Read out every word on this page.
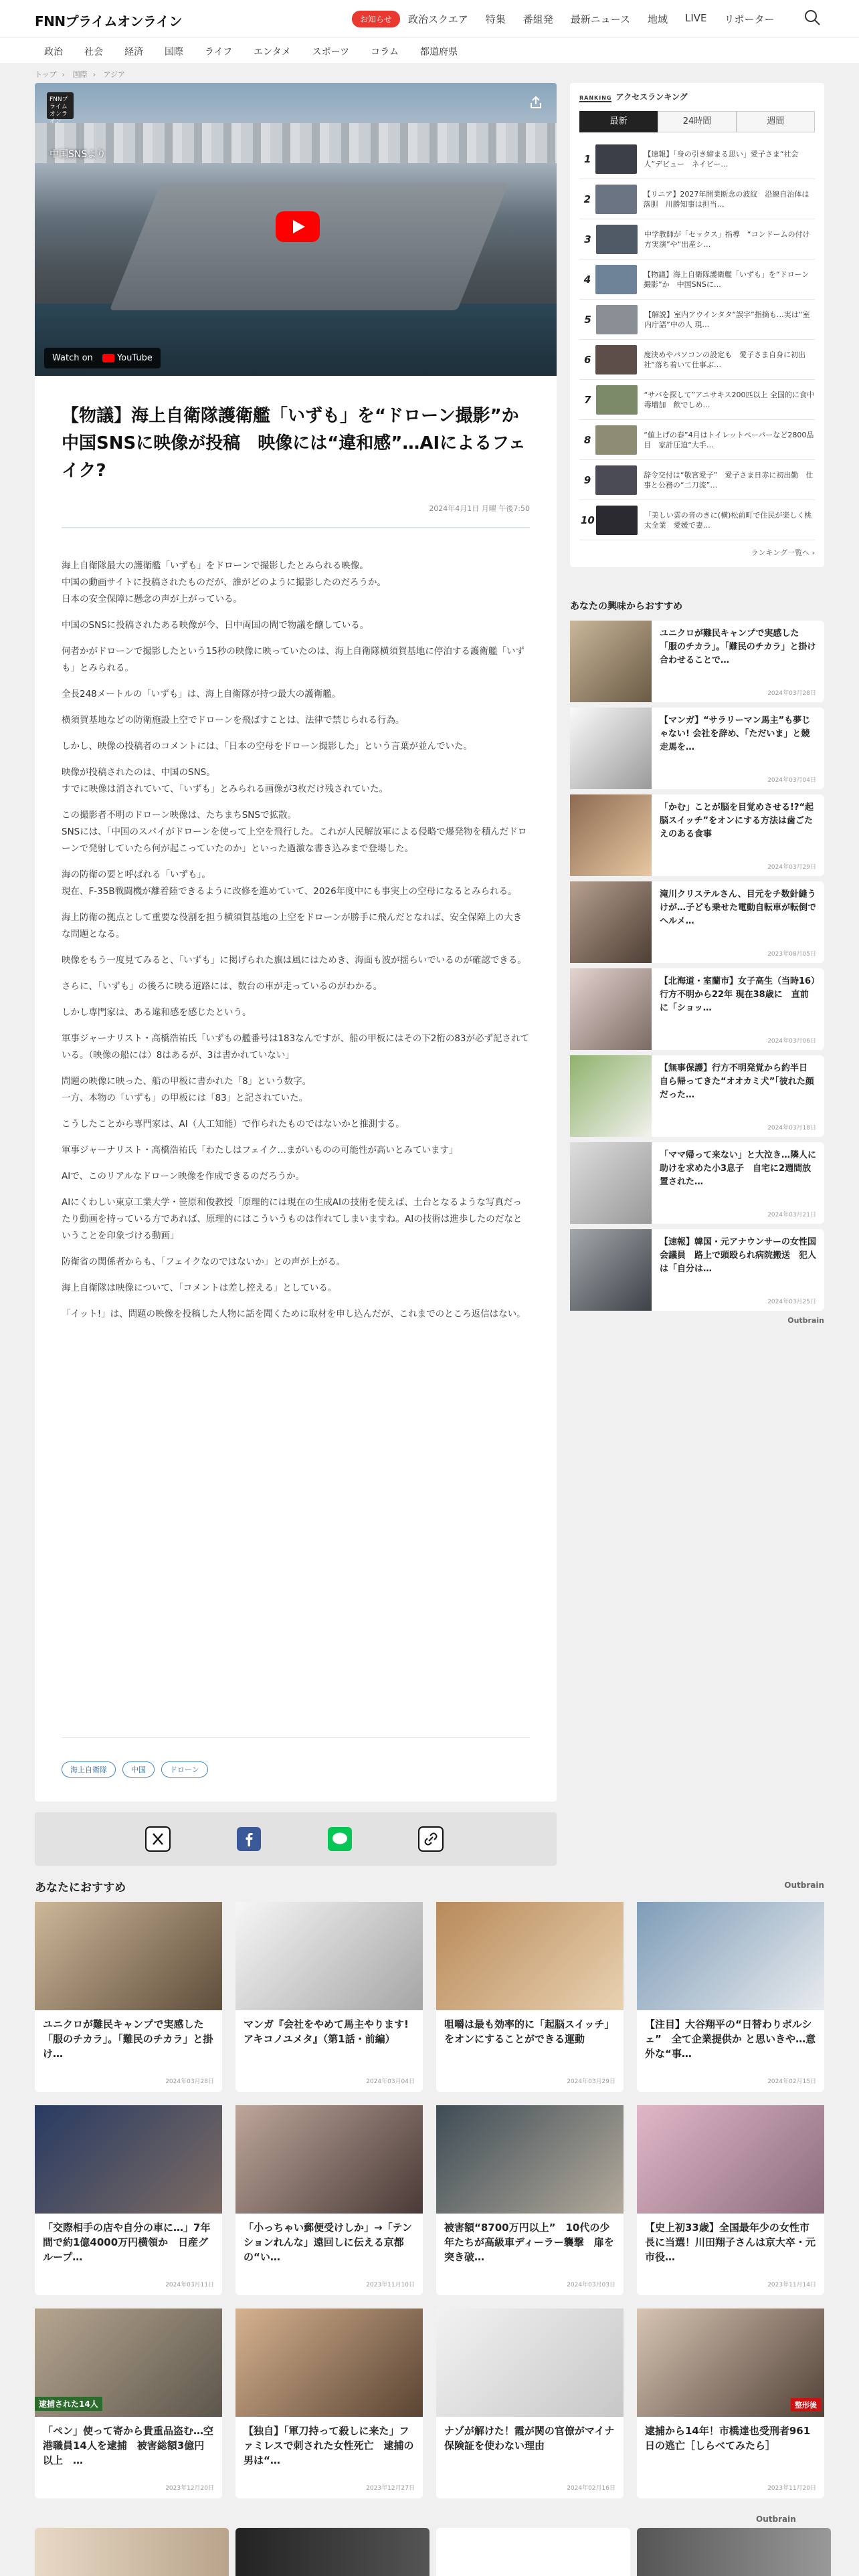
FNNプライムオンライン	お知らせ	政治スクエア 特集 番組発 最新ニュース 地域 LIVE リポーター
政治 社会 経済 国際 ライフ エンタメ スポーツ コラム 都道府県
トップ › 国際 › アジア
FNNプライムオンライン
中国SNSより
Watch on	YouTube
【物議】海上自衛隊護衛艦「いずも」を“ドローン撮影”か　中国SNSに映像が投稿　映像には“違和感”…AIによるフェイク?
2024年4月1日 月曜 午後7:50

海上自衛隊最大の護衛艦「いずも」をドローンで撮影したとみられる映像。
中国の動画サイトに投稿されたものだが、誰がどのように撮影したのだろうか。
日本の安全保障に懸念の声が上がっている。

中国のSNSに投稿されたある映像が今、日中両国の間で物議を醸している。

何者かがドローンで撮影したという15秒の映像に映っていたのは、海上自衛隊横須賀基地に停泊する護衛艦「いずも」とみられる。

全長248メートルの「いずも」は、海上自衛隊が持つ最大の護衛艦。

横須賀基地などの防衛施設上空でドローンを飛ばすことは、法律で禁じられる行為。

しかし、映像の投稿者のコメントには、「日本の空母をドローン撮影した」という言葉が並んでいた。

映像が投稿されたのは、中国のSNS。
すでに映像は消されていて、「いずも」とみられる画像が3枚だけ残されていた。

この撮影者不明のドローン映像は、たちまちSNSで拡散。
SNSには、「中国のスパイがドローンを使って上空を飛行した。これが人民解放軍による侵略で爆発物を積んだドローンで発射していたら何が起こっていたのか」といった過激な書き込みまで登場した。

海の防衛の要と呼ばれる「いずも」。
現在、F-35B戦闘機が離着陸できるように改修を進めていて、2026年度中にも事実上の空母になるとみられる。

海上防衛の拠点として重要な役割を担う横須賀基地の上空をドローンが勝手に飛んだとなれば、安全保障上の大きな問題となる。

映像をもう一度見てみると、「いずも」に掲げられた旗は風にはためき、海面も波が揺らいでいるのが確認できる。

さらに、「いずも」の後ろに映る道路には、数台の車が走っているのがわかる。

しかし専門家は、ある違和感を感じたという。

軍事ジャーナリスト・高橋浩祐氏「いずもの艦番号は183なんですが、船の甲板にはその下2桁の83が必ず記されている。（映像の船には）8はあるが、3は書かれていない」

問題の映像に映った、船の甲板に書かれた「8」という数字。
一方、本物の「いずも」の甲板には「83」と記されていた。

こうしたことから専門家は、AI（人工知能）で作られたものではないかと推測する。

軍事ジャーナリスト・高橋浩祐氏「わたしはフェイク…まがいものの可能性が高いとみています」

AIで、このリアルなドローン映像を作成できるのだろうか。

AIにくわしい東京工業大学・笹原和俊教授「原理的には現在の生成AIの技術を使えば、土台となるような写真だったり動画を持っている方であれば、原理的にはこういうものは作れてしまいますね。AIの技術は進歩したのだなということを印象づける動画」

防衛省の関係者からも、「フェイクなのではないか」との声が上がる。

海上自衛隊は映像について、「コメントは差し控える」としている。

「イット!」は、問題の映像を投稿した人物に話を聞くために取材を申し込んだが、これまでのところ返信はない。

海上自衛隊	中国	ドローン
RANKING アクセスランキング
最新	24時間	週間
1	【速報】「身の引き締まる思い」愛子さま“社会人”デビュー　ネイビー…
2	【リニア】2027年開業断念の波紋　沿線自治体は落胆　川勝知事は担当…
3	中学教師が「セックス」指導　“コンドームの付け方実演”や“出産シ…
4	【物議】海上自衛隊護衛艦「いずも」を“ドローン撮影”か　中国SNSに…
5	【解説】室内アウインタタ“誤字”指摘も…実は“室内庁語”中の人 現…
6	度決めやパソコンの設定も　愛子さま自身に初出社“落ち着いて仕事ぶ…
7	“サバを探して”アニサキス200匹以上 全国的に食中毒増加　飲でしめ…
8	“値上げの春”4月はトイレットペーパーなど2800品目　家計圧迫“大手…
9	辞令交付は“敬宮愛子”　愛子さま日赤に初出勤　仕事と公務の“二刀流”…
10	「美しい雲の音のきに(横)松前町で住民が楽しく桃太全業　愛媛で妻…
ランキング一覧へ ›
あなたの興味からおすすめ
ユニクロが難民キャンプで実感した「服のチカラ」。「難民のチカラ」と掛け合わせることで…
2024年03月28日
【マンガ】“サラリーマン馬主”も夢じゃない! 会社を辞め、「ただいま」と競走馬を…
2024年03月04日
「かむ」ことが脳を目覚めさせる!?“起脳スイッチ”をオンにする方法は歯ごたえのある食事
2024年03月29日
滝川クリステルさん、目元をチ数針縫うけが…子ども乗せた電動自転車が転倒で　ヘルメ…
2023年08月05日
【北海道・室蘭市】女子高生（当時16）行方不明から22年 現在38歳に　直前に「ショッ…
2024年03月06日
【無事保護】行方不明発覚から約半日　自ら帰ってきた“オオカミ犬”「彼れた顔だった…
2024年03月18日
「ママ帰って来ない」と大泣き…隣人に助けを求めた小3息子　自宅に2週間放置された…
2024年03月21日
【速報】韓国・元アナウンサーの女性国会議員　路上で頭殴られ病院搬送　犯人は「自分は…
2024年03月25日
Outbrain
あなたにおすすめ	Outbrain
ユニクロが難民キャンプで実感した「服のチカラ」。「難民のチカラ」と掛け…
2024年03月28日
マンガ『会社をやめて馬主やります! アキコノユメタ』（第1話・前編）
2024年03月04日
咀嚼は最も効率的に「起脳スイッチ」をオンにすることができる運動
2024年03月29日
【注目】大谷翔平の“日替わりポルシェ”　全て企業提供か と思いきや…意外な“事…
2024年02月15日
「交際相手の店や自分の車に…」7年間で約1億4000万円横領か　日産グループ…
2024年03月11日
「小っちゃい郵便受けしか」→「テンションれんな」遠回しに伝える京都の“い…
2023年11月10日
被害額“8700万円以上”　10代の少年たちが高級車ディーラー襲撃　扉を突き破…
2024年03月03日
【史上初33歳】全国最年少の女性市長に当選！川田翔子さんは京大卒・元市役…
2023年11月14日
逮捕された14人
「ペン」使って寄から貴重品盗む…空港職員14人を逮捕　被害総額3億円以上　…
2023年12月20日
【独自】「軍刀持って殺しに来た」ファミレスで刺された女性死亡　逮捕の男は“…
2023年12月27日
ナゾが解けた！霞が関の官僚がマイナ保険証を使わない理由
2024年02月16日
整形後
逮捕から14年！市橋達也受刑者961日の逃亡［しらべてみたら］
2023年11月20日
Outbrain
